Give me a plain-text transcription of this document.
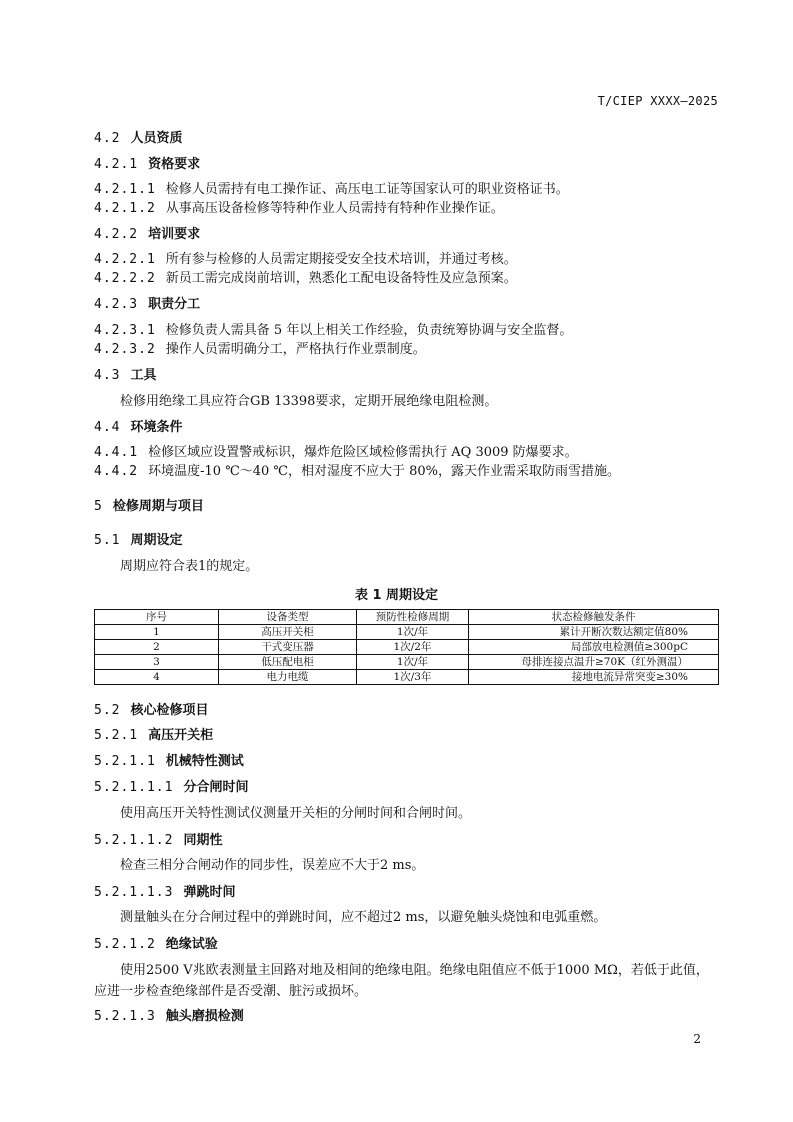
T/CIEP XXXX—2025
4.2 人员资质
4.2.1 资格要求
4.2.1.1 检修人员需持有电工操作证、高压电工证等国家认可的职业资格证书。
4.2.1.2 从事高压设备检修等特种作业人员需持有特种作业操作证。
4.2.2 培训要求
4.2.2.1 所有参与检修的人员需定期接受安全技术培训，并通过考核。
4.2.2.2 新员工需完成岗前培训，熟悉化工配电设备特性及应急预案。
4.2.3 职责分工
4.2.3.1 检修负责人需具备 5 年以上相关工作经验，负责统筹协调与安全监督。
4.2.3.2 操作人员需明确分工，严格执行作业票制度。
4.3 工具
检修用绝缘工具应符合GB 13398要求，定期开展绝缘电阻检测。
4.4 环境条件
4.4.1 检修区域应设置警戒标识，爆炸危险区域检修需执行 AQ 3009 防爆要求。
4.4.2 环境温度-10 ℃～40 ℃，相对湿度不应大于 80%，露天作业需采取防雨雪措施。
5 检修周期与项目
5.1 周期设定
周期应符合表1的规定。
表 1 周期设定
序号	设备类型	预防性检修周期	状态检修触发条件
1	高压开关柜	1次/年	累计开断次数达额定值80%
2	干式变压器	1次/2年	局部放电检测值≥300pC
3	低压配电柜	1次/年	母排连接点温升≥70K（红外测温）
4	电力电缆	1次/3年	接地电流异常突变≥30%
5.2 核心检修项目
5.2.1 高压开关柜
5.2.1.1 机械特性测试
5.2.1.1.1 分合闸时间
使用高压开关特性测试仪测量开关柜的分闸时间和合闸时间。
5.2.1.1.2 同期性
检查三相分合闸动作的同步性，误差应不大于2 ms。
5.2.1.1.3 弹跳时间
测量触头在分合闸过程中的弹跳时间，应不超过2 ms，以避免触头烧蚀和电弧重燃。
5.2.1.2 绝缘试验
使用2500 V兆欧表测量主回路对地及相间的绝缘电阻。绝缘电阻值应不低于1000 MΩ，若低于此值，应进一步检查绝缘部件是否受潮、脏污或损坏。
5.2.1.3 触头磨损检测
2
